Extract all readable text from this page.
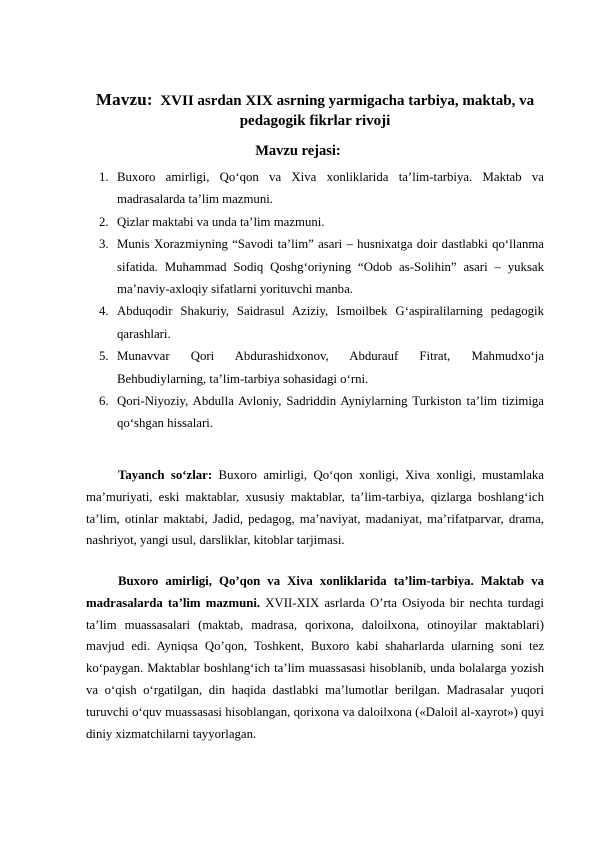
Mavzu: XVII asrdan XIX asrning yarmigacha tarbiya, maktab, va pedagogik fikrlar rivoji
Mavzu rejasi:
1. Buxoro amirligi, Qo‘qon va Xiva xonliklarida ta’lim-tarbiya. Maktab va madrasalarda ta’lim mazmuni.
2. Qizlar maktabi va unda ta’lim mazmuni.
3. Munis Xorazmiyning “Savodi ta’lim” asari – husnixatga doir dastlabki qo‘llanma sifatida. Muhammad Sodiq Qoshg‘oriyning “Odob as-Solihin” asari – yuksak ma’naviy-axloqiy sifatlarni yorituvchi manba.
4. Abduqodir Shakuriy, Saidrasul Aziziy, Ismoilbek G‘aspiralilarning pedagogik qarashlari.
5. Munavvar Qori Abdurashidxonov, Abdurauf Fitrat, Mahmudxo‘ja Behbudiylarning, ta’lim-tarbiya sohasidagi o‘rni.
6. Qori-Niyoziy, Abdulla Avloniy, Sadriddin Ayniylarning Turkiston ta’lim tizimiga qo‘shgan hissalari.

Tayanch so‘zlar: Buxoro amirligi, Qo‘qon xonligi, Xiva xonligi, mustamlaka ma’muriyati, eski maktablar, xususiy maktablar, ta’lim-tarbiya, qizlarga boshlang‘ich ta’lim, otinlar maktabi, Jadid, pedagog, ma’naviyat, madaniyat, ma’rifatparvar, drama, nashriyot, yangi usul, darsliklar, kitoblar tarjimasi.

Buxoro amirligi, Qo’qon va Xiva xonliklarida ta’lim-tarbiya. Maktab va madrasalarda ta’lim mazmuni. XVII-XIX asrlarda O’rta Osiyoda bir nechta turdagi ta’lim muassasalari (maktab, madrasa, qorixona, daloilxona, otinoyilar maktablari) mavjud edi. Ayniqsa Qo’qon, Toshkent, Buxoro kabi shaharlarda ularning soni tez ko‘paygan. Maktablar boshlang‘ich ta’lim muassasasi hisoblanib, unda bolalarga yozish va o‘qish o‘rgatilgan, din haqida dastlabki ma’lumotlar berilgan. Madrasalar yuqori turuvchi o‘quv muassasasi hisoblangan, qorixona va daloilxona («Daloil al-xayrot») quyi diniy xizmatchilarni tayyorlagan.
